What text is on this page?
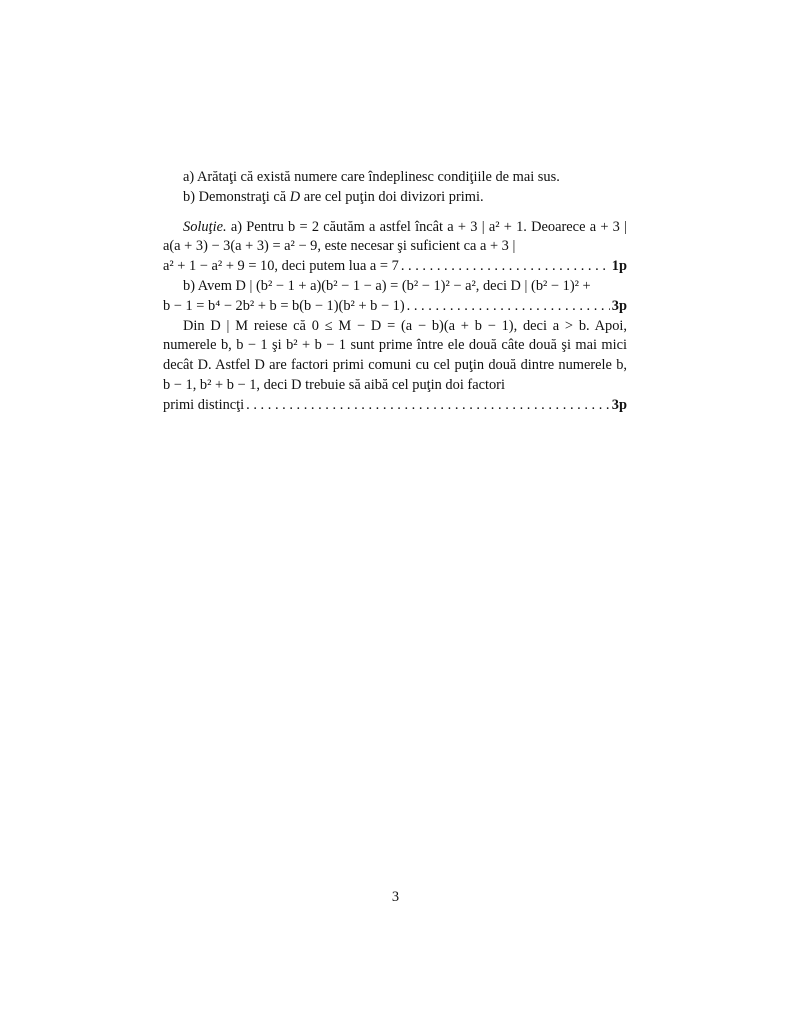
a) Arătaţi că există numere care îndeplinesc condiţiile de mai sus.

b) Demonstraţi că D are cel puţin doi divizori primi.

Soluţie. a) Pentru b = 2 căutăm a astfel încât a + 3 | a² + 1. Deoarece a + 3 | a(a + 3) − 3(a + 3) = a² − 9, este necesar şi suficient ca a + 3 |

a² + 1 − a² + 9 = 10, deci putem lua a = 7 . . .	1p

b) Avem D | (b² − 1 + a)(b² − 1 − a) = (b² − 1)² − a², deci D | (b² − 1)² +

b − 1 = b⁴ − 2b² + b = b(b − 1)(b² + b − 1) . . .	3p

Din D | M reiese că 0 ≤ M − D = (a − b)(a + b − 1), deci a > b. Apoi, numerele b, b − 1 şi b² + b − 1 sunt prime între ele două câte două şi mai mici decât D. Astfel D are factori primi comuni cu cel puţin două dintre numerele b, b − 1, b² + b − 1, deci D trebuie să aibă cel puţin doi factori

primi distincţi . . .	3p
3
